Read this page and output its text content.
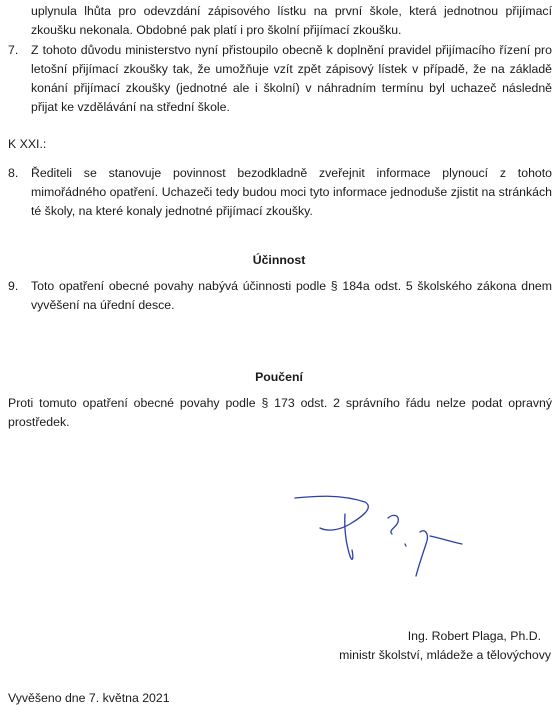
uplynula lhůta pro odevzdání zápisového lístku na první škole, která jednotnou přijímací zkoušku nekonala. Obdobné pak platí i pro školní přijímací zkoušku.
7.	Z tohoto důvodu ministerstvo nyní přistoupilo obecně k doplnění pravidel přijímacího řízení pro letošní přijímací zkoušky tak, že umožňuje vzít zpět zápisový lístek v případě, že na základě konání přijímací zkoušky (jednotné ale i školní) v náhradním termínu byl uchazeč následně přijat ke vzdělávání na střední škole.
K XXI.:
8.	Řediteli se stanovuje povinnost bezodkladně zveřejnit informace plynoucí z tohoto mimořádného opatření. Uchazeči tedy budou moci tyto informace jednoduše zjistit na stránkách té školy, na které konaly jednotné přijímací zkoušky.
Účinnost
9.	Toto opatření obecné povahy nabývá účinnosti podle § 184a odst. 5 školského zákona dnem vyvěšení na úřední desce.
Poučení
Proti tomuto opatření obecné povahy podle § 173 odst. 2 správního řádu nelze podat opravný prostředek.
Ing. Robert Plaga, Ph.D.
ministr školství, mládeže a tělovýchovy
Vyvěšeno dne 7. května 2021
